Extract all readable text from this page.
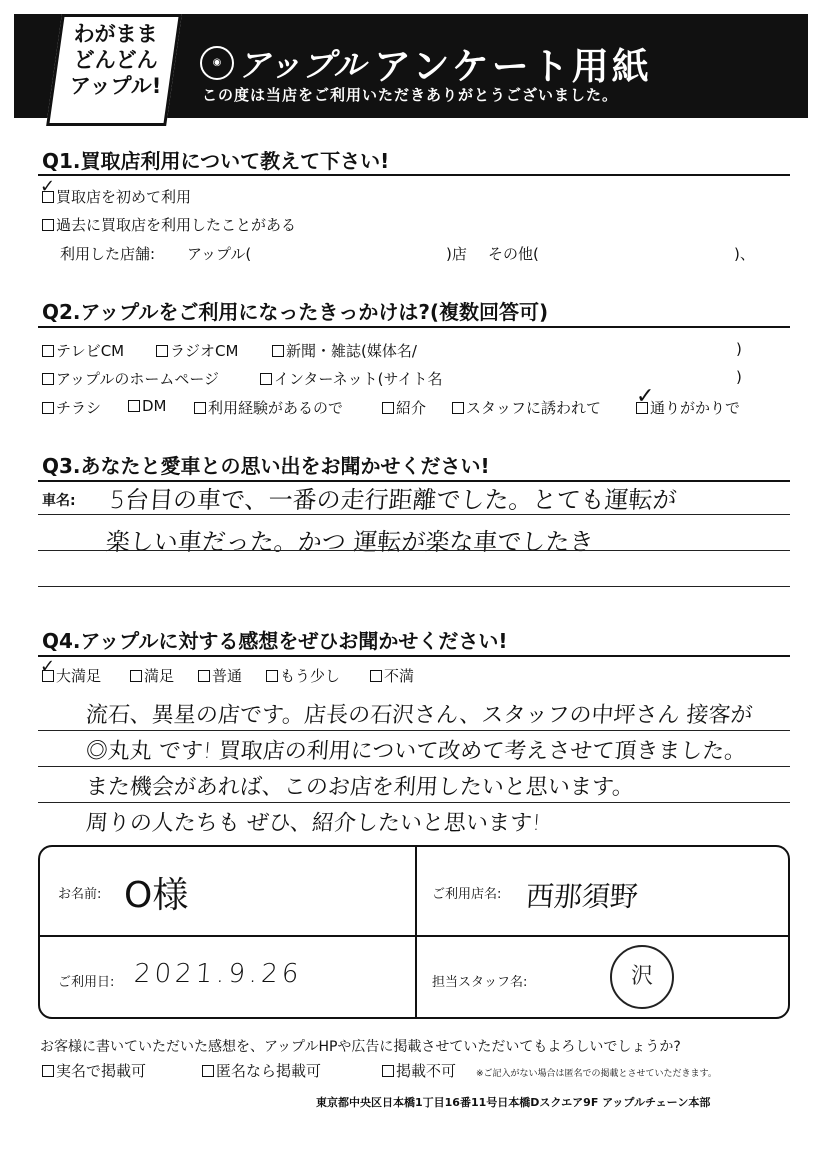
わがまま
どんどん
アップル!
◉ アップル アンケート用紙
この度は当店をご利用いただきありがとうございました。
Q1.買取店利用について教えて下さい!
買取店を初めて利用
✓
過去に買取店を利用したことがある
利用した店舗: アップル(	)店 その他(	)、
Q2.アップルをご利用になったきっかけは?(複数回答可)
テレビCM	ラジオCM	新聞・雑誌(媒体名/	)
アップルのホームページ	インターネット(サイト名	)
チラシ	DM	利用経験があるので	紹介	スタッフに誘われて	通りがかりで
✓
Q3.あなたと愛車との思い出をお聞かせください!
車名: 5台目の車で、一番の走行距離でした。とても運転が
楽しい車だった。かつ 運転が楽な車でしたき
Q4.アップルに対する感想をぜひお聞かせください!
大満足
✓	満足	普通	もう少し	不満
流石、異星の店です。店長の石沢さん、スタッフの中坪さん 接客が
◎丸丸 です! 買取店の利用について改めて考えさせて頂きました。
また機会があれば、このお店を利用したいと思います。
周りの人たちも ぜひ、紹介したいと思います!
お名前: O様	ご利用店名: 西那須野
ご利用日: 2021.9.26	担当スタッフ名:	沢
お客様に書いていただいた感想を、アップルHPや広告に掲載させていただいてもよろしいでしょうか?
実名で掲載可	匿名なら掲載可	掲載不可 ※ご記入がない場合は匿名での掲載とさせていただきます。
東京都中央区日本橋1丁目16番11号日本橋Dスクエア9F アップルチェーン本部
